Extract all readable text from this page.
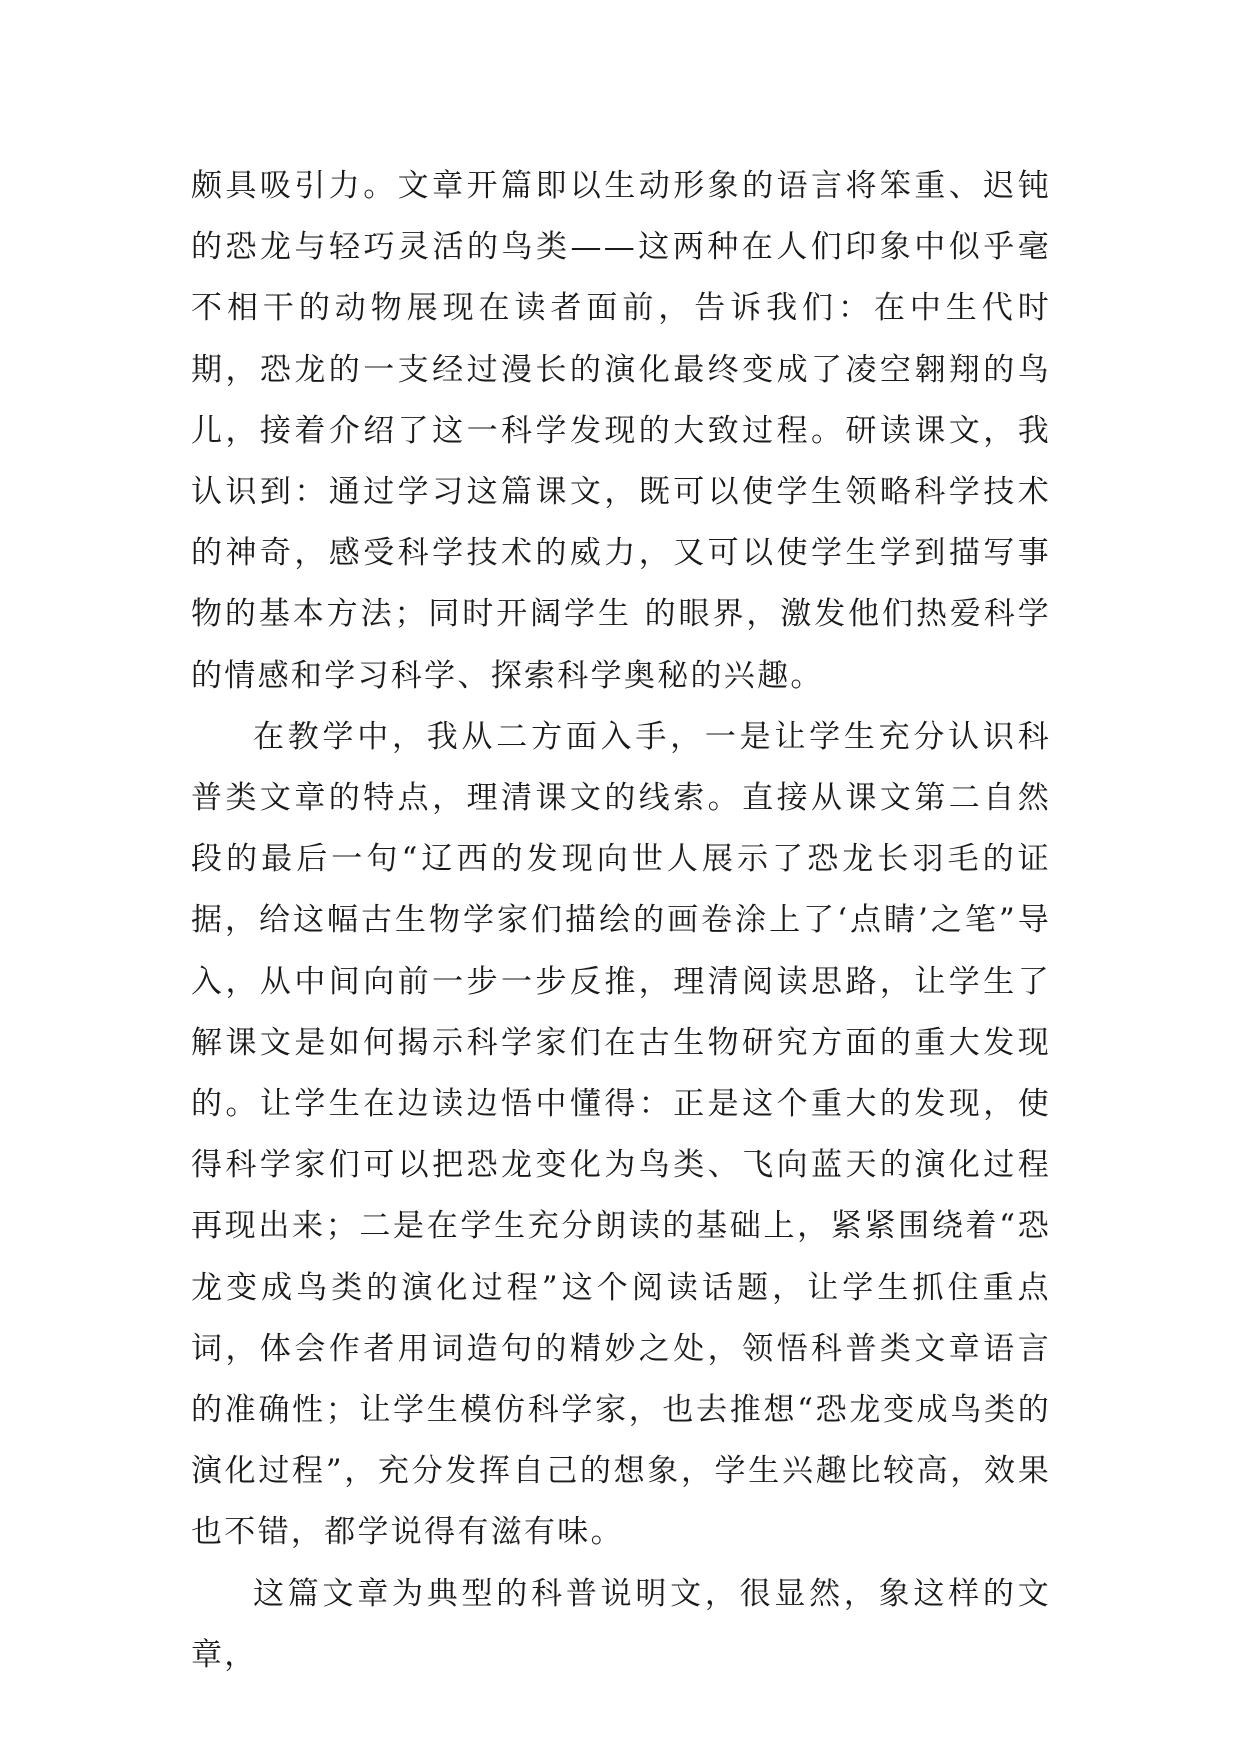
颇具吸引力。文章开篇即以生动形象的语言将笨重、迟钝的恐龙与轻巧灵活的鸟类——这两种在人们印象中似乎毫不相干的动物展现在读者面前，告诉我们：在中生代时期，恐龙的一支经过漫长的演化最终变成了凌空翱翔的鸟儿，接着介绍了这一科学发现的大致过程。研读课文，我认识到：通过学习这篇课文，既可以使学生领略科学技术的神奇，感受科学技术的威力，又可以使学生学到描写事物的基本方法；同时开阔学生 的眼界，激发他们热爱科学的情感和学习科学、探索科学奥秘的兴趣。

在教学中，我从二方面入手，一是让学生充分认识科普类文章的特点，理清课文的线索。直接从课文第二自然段的最后一句“辽西的发现向世人展示了恐龙长羽毛的证据，给这幅古生物学家们描绘的画卷涂上了‘点睛’之笔”导入，从中间向前一步一步反推，理清阅读思路，让学生了解课文是如何揭示科学家们在古生物研究方面的重大发现的。让学生在边读边悟中懂得：正是这个重大的发现，使得科学家们可以把恐龙变化为鸟类、飞向蓝天的演化过程再现出来；二是在学生充分朗读的基础上，紧紧围绕着“恐龙变成鸟类的演化过程”这个阅读话题，让学生抓住重点词，体会作者用词造句的精妙之处，领悟科普类文章语言的准确性；让学生模仿科学家，也去推想“恐龙变成鸟类的演化过程”，充分发挥自己的想象，学生兴趣比较高，效果也不错，都学说得有滋有味。

这篇文章为典型的科普说明文，很显然，象这样的文章，
